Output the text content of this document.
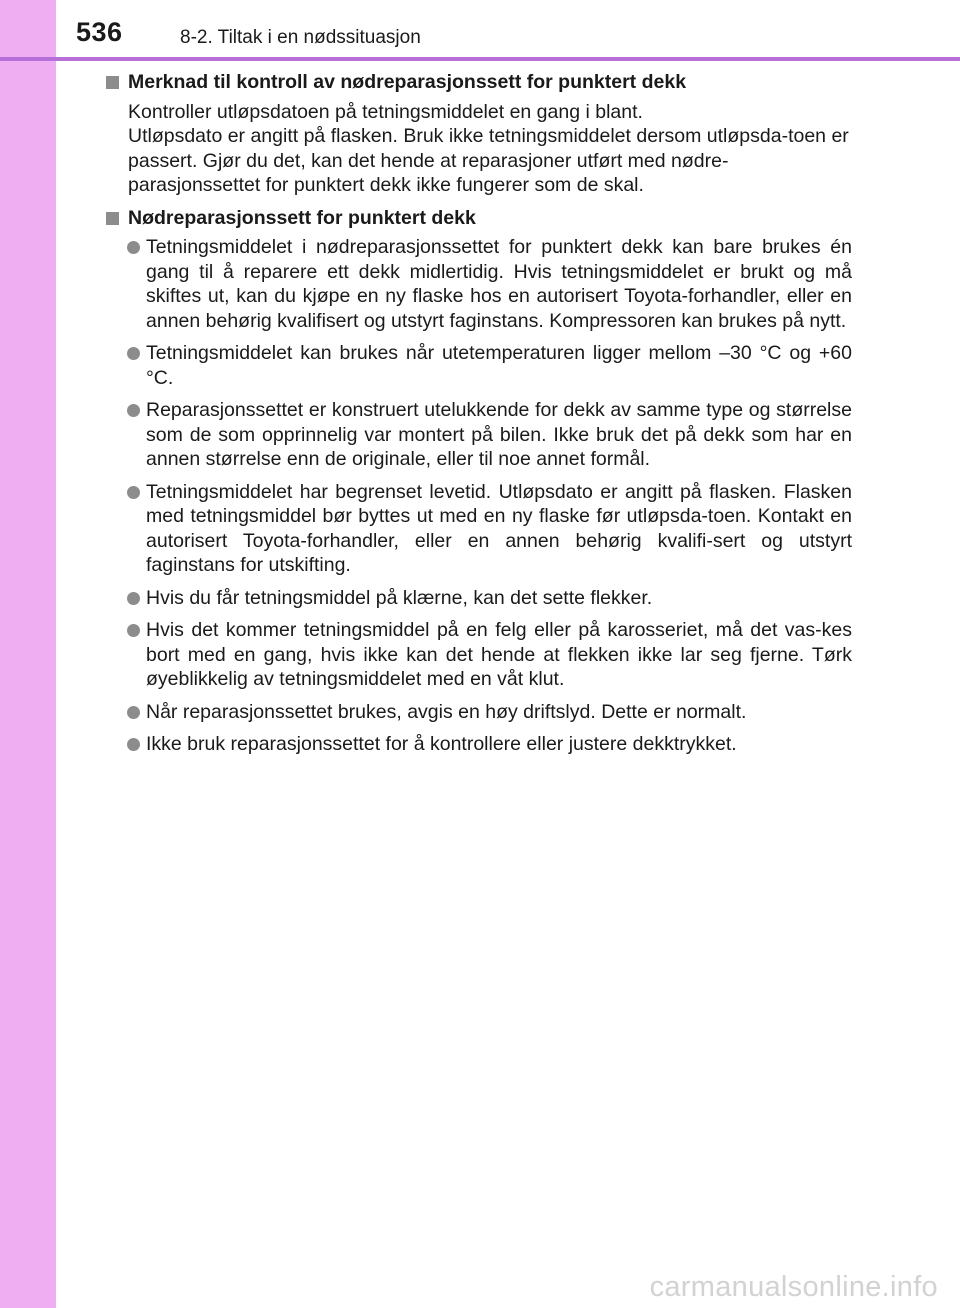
536	8-2. Tiltak i en nødssituasjon
Merknad til kontroll av nødreparasjonssett for punktert dekk

Kontroller utløpsdatoen på tetningsmiddelet en gang i blant.

Utløpsdato er angitt på flasken. Bruk ikke tetningsmiddelet dersom utløpsda-toen er passert. Gjør du det, kan det hende at reparasjoner utført med nødre-parasjonssettet for punktert dekk ikke fungerer som de skal.

Nødreparasjonssett for punktert dekk
Tetningsmiddelet i nødreparasjonssettet for punktert dekk kan bare brukes én gang til å reparere ett dekk midlertidig. Hvis tetningsmiddelet er brukt og må skiftes ut, kan du kjøpe en ny flaske hos en autorisert Toyota-forhandler, eller en annen behørig kvalifisert og utstyrt faginstans. Kompressoren kan brukes på nytt.
Tetningsmiddelet kan brukes når utetemperaturen ligger mellom –30 °C og +60 °C.
Reparasjonssettet er konstruert utelukkende for dekk av samme type og størrelse som de som opprinnelig var montert på bilen. Ikke bruk det på dekk som har en annen størrelse enn de originale, eller til noe annet formål.
Tetningsmiddelet har begrenset levetid. Utløpsdato er angitt på flasken. Flasken med tetningsmiddel bør byttes ut med en ny flaske før utløpsda-toen. Kontakt en autorisert Toyota-forhandler, eller en annen behørig kvalifi-sert og utstyrt faginstans for utskifting.
Hvis du får tetningsmiddel på klærne, kan det sette flekker.
Hvis det kommer tetningsmiddel på en felg eller på karosseriet, må det vas-kes bort med en gang, hvis ikke kan det hende at flekken ikke lar seg fjerne. Tørk øyeblikkelig av tetningsmiddelet med en våt klut.
Når reparasjonssettet brukes, avgis en høy driftslyd. Dette er normalt.
Ikke bruk reparasjonssettet for å kontrollere eller justere dekktrykket.
carmanualsonline.info
